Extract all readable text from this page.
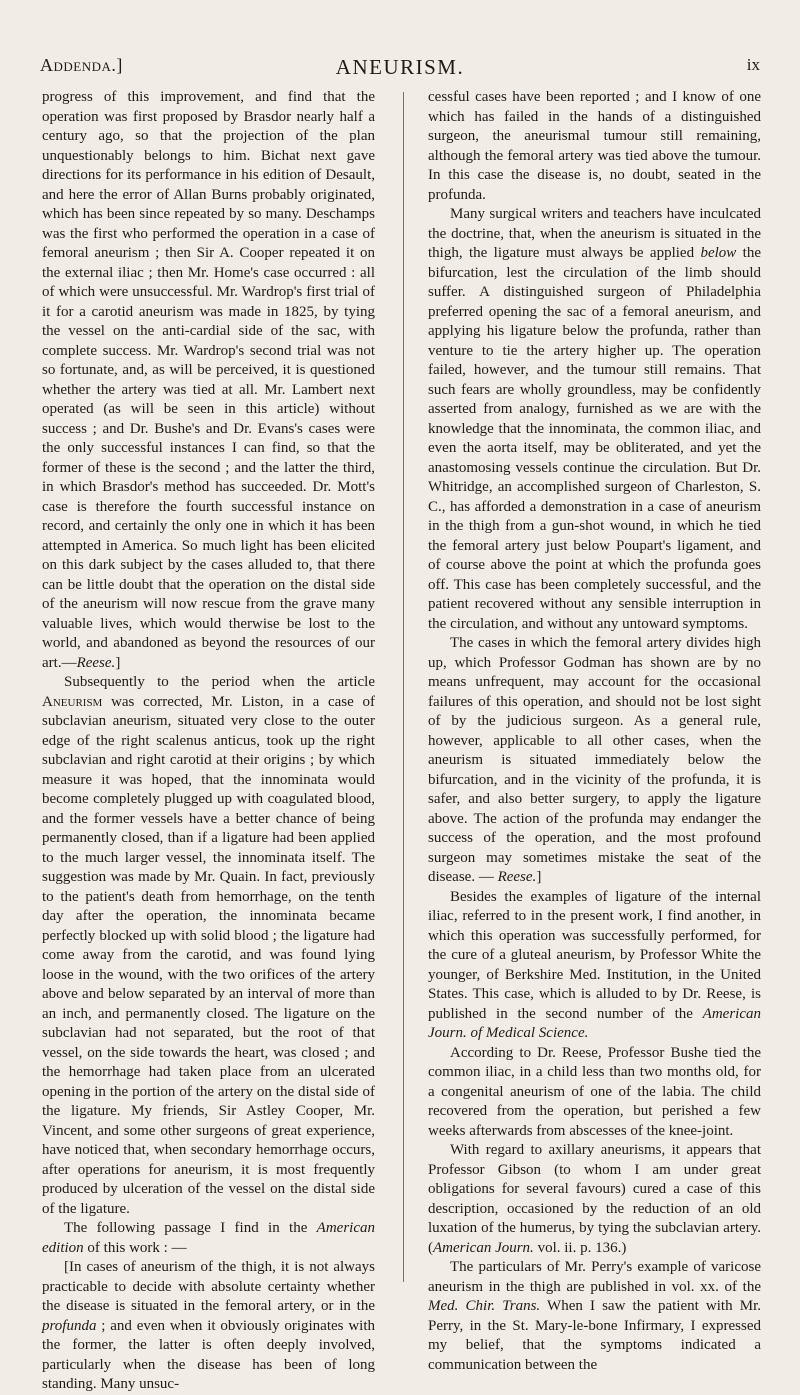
Addenda.]	ANEURISM.	ix

progress of this improvement, and find that the operation was first proposed by Brasdor nearly half a century ago, so that the projection of the plan unquestionably belongs to him. Bichat next gave directions for its performance in his edition of Desault, and here the error of Allan Burns probably originated, which has been since repeated by so many. Deschamps was the first who performed the operation in a case of femoral aneurism ; then Sir A. Cooper repeated it on the external iliac ; then Mr. Home's case occurred : all of which were unsuccessful. Mr. Wardrop's first trial of it for a carotid aneurism was made in 1825, by tying the vessel on the anti-cardial side of the sac, with complete success. Mr. Wardrop's second trial was not so fortunate, and, as will be perceived, it is questioned whether the artery was tied at all. Mr. Lambert next operated (as will be seen in this article) without success ; and Dr. Bushe's and Dr. Evans's cases were the only successful instances I can find, so that the former of these is the second ; and the latter the third, in which Brasdor's method has succeeded. Dr. Mott's case is therefore the fourth successful instance on record, and certainly the only one in which it has been attempted in America. So much light has been elicited on this dark subject by the cases alluded to, that there can be little doubt that the operation on the distal side of the aneurism will now rescue from the grave many valuable lives, which would therwise be lost to the world, and abandoned as beyond the resources of our art.—Reese.]

Subsequently to the period when the article Aneurism was corrected, Mr. Liston, in a case of subclavian aneurism, situated very close to the outer edge of the right scalenus anticus, took up the right subclavian and right carotid at their origins ; by which measure it was hoped, that the innominata would become completely plugged up with coagulated blood, and the former vessels have a better chance of being permanently closed, than if a ligature had been applied to the much larger vessel, the innominata itself. The suggestion was made by Mr. Quain. In fact, previously to the patient's death from hemorrhage, on the tenth day after the operation, the innominata became perfectly blocked up with solid blood ; the ligature had come away from the carotid, and was found lying loose in the wound, with the two orifices of the artery above and below separated by an interval of more than an inch, and permanently closed. The ligature on the subclavian had not separated, but the root of that vessel, on the side towards the heart, was closed ; and the hemorrhage had taken place from an ulcerated opening in the portion of the artery on the distal side of the ligature. My friends, Sir Astley Cooper, Mr. Vincent, and some other surgeons of great experience, have noticed that, when secondary hemorrhage occurs, after operations for aneurism, it is most frequently produced by ulceration of the vessel on the distal side of the ligature.

The following passage I find in the American edition of this work : —

[In cases of aneurism of the thigh, it is not always practicable to decide with absolute certainty whether the disease is situated in the femoral artery, or in the profunda ; and even when it obviously originates with the former, the latter is often deeply involved, particularly when the disease has been of long standing. Many unsuc-

cessful cases have been reported ; and I know of one which has failed in the hands of a distinguished surgeon, the aneurismal tumour still remaining, although the femoral artery was tied above the tumour. In this case the disease is, no doubt, seated in the profunda.

Many surgical writers and teachers have inculcated the doctrine, that, when the aneurism is situated in the thigh, the ligature must always be applied below the bifurcation, lest the circulation of the limb should suffer. A distinguished surgeon of Philadelphia preferred opening the sac of a femoral aneurism, and applying his ligature below the profunda, rather than venture to tie the artery higher up. The operation failed, however, and the tumour still remains. That such fears are wholly groundless, may be confidently asserted from analogy, furnished as we are with the knowledge that the innominata, the common iliac, and even the aorta itself, may be obliterated, and yet the anastomosing vessels continue the circulation. But Dr. Whitridge, an accomplished surgeon of Charleston, S. C., has afforded a demonstration in a case of aneurism in the thigh from a gun-shot wound, in which he tied the femoral artery just below Poupart's ligament, and of course above the point at which the profunda goes off. This case has been completely successful, and the patient recovered without any sensible interruption in the circulation, and without any untoward symptoms.

The cases in which the femoral artery divides high up, which Professor Godman has shown are by no means unfrequent, may account for the occasional failures of this operation, and should not be lost sight of by the judicious surgeon. As a general rule, however, applicable to all other cases, when the aneurism is situated immediately below the bifurcation, and in the vicinity of the profunda, it is safer, and also better surgery, to apply the ligature above. The action of the profunda may endanger the success of the operation, and the most profound surgeon may sometimes mistake the seat of the disease. — Reese.]

Besides the examples of ligature of the internal iliac, referred to in the present work, I find another, in which this operation was successfully performed, for the cure of a gluteal aneurism, by Professor White the younger, of Berkshire Med. Institution, in the United States. This case, which is alluded to by Dr. Reese, is published in the second number of the American Journ. of Medical Science.

According to Dr. Reese, Professor Bushe tied the common iliac, in a child less than two months old, for a congenital aneurism of one of the labia. The child recovered from the operation, but perished a few weeks afterwards from abscesses of the knee-joint.

With regard to axillary aneurisms, it appears that Professor Gibson (to whom I am under great obligations for several favours) cured a case of this description, occasioned by the reduction of an old luxation of the humerus, by tying the subclavian artery. (American Journ. vol. ii. p. 136.)

The particulars of Mr. Perry's example of varicose aneurism in the thigh are published in vol. xx. of the Med. Chir. Trans. When I saw the patient with Mr. Perry, in the St. Mary-le-bone Infirmary, I expressed my belief, that the symptoms indicated a communication between the
